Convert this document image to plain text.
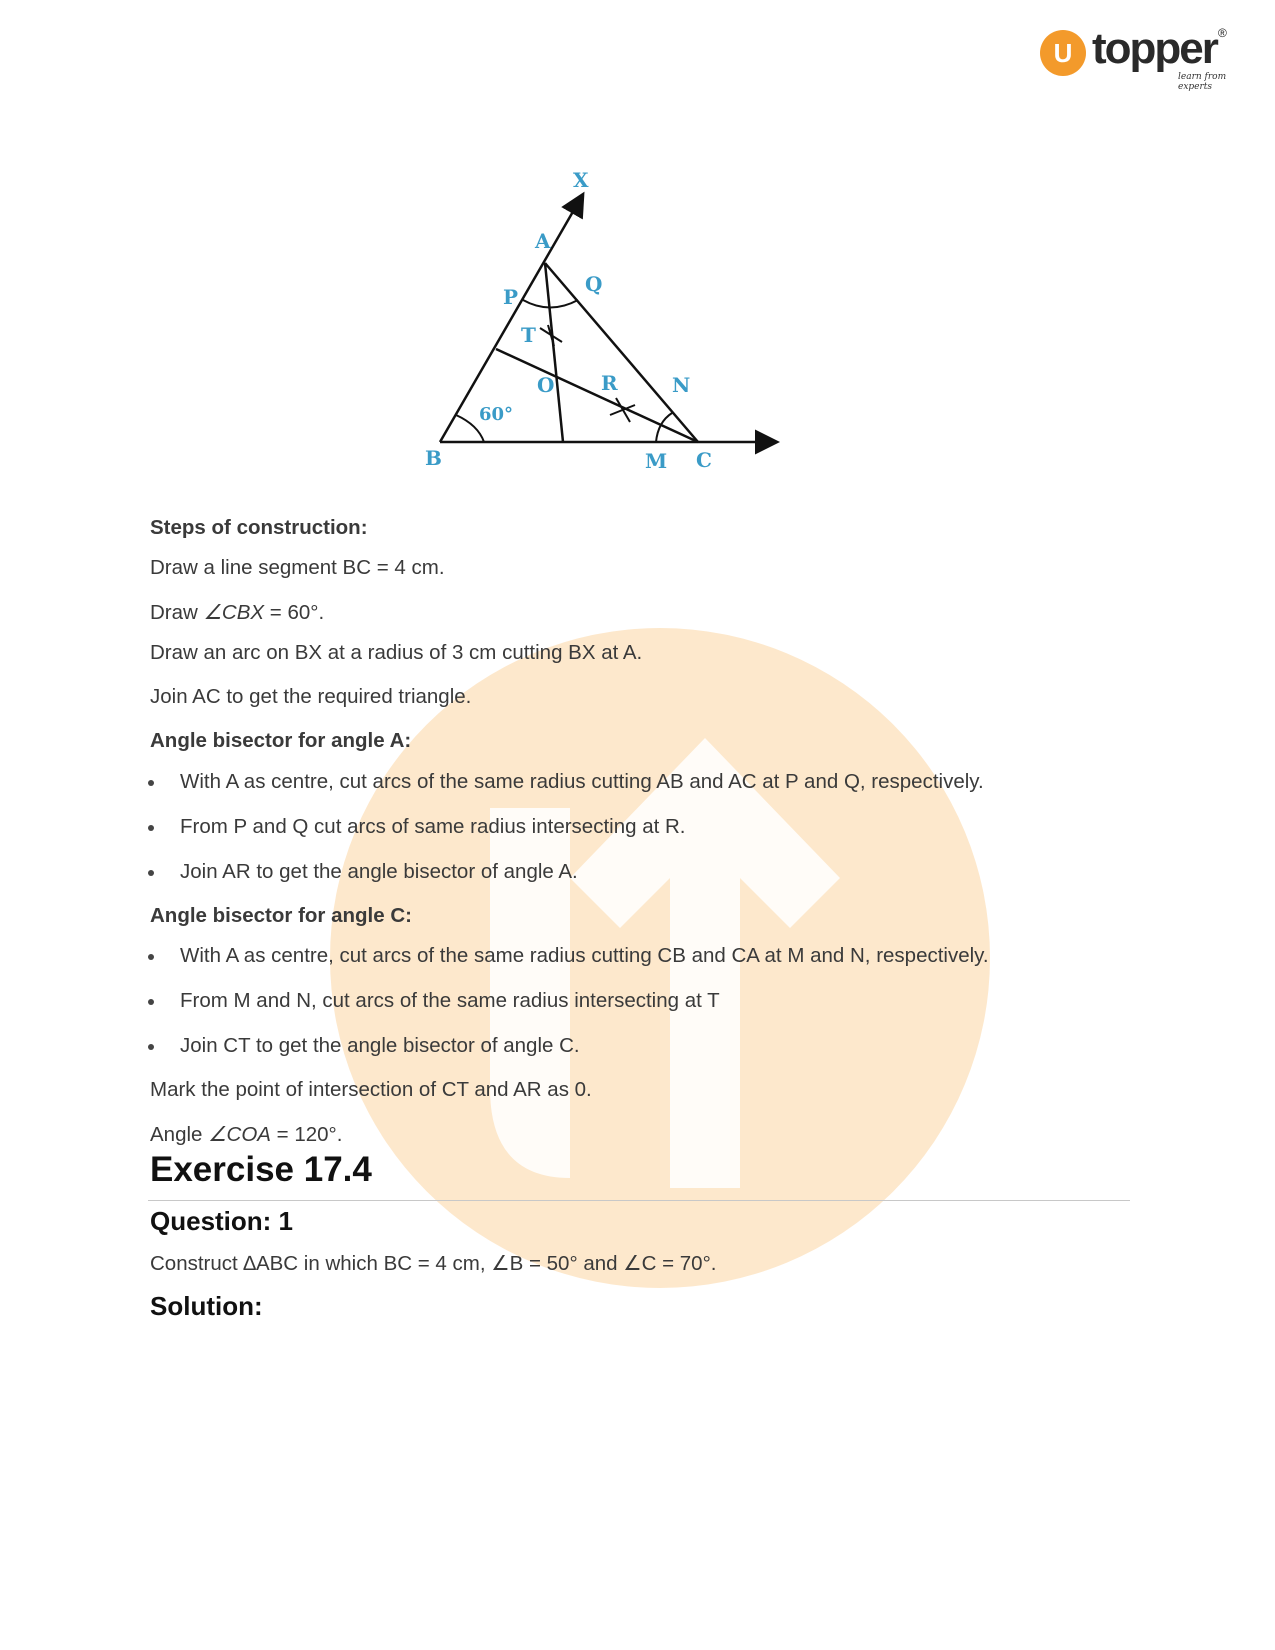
U topper ®
learn from experts
X
A
P
Q
T
O R	N
B	M C
60°
Steps of construction:
Draw a line segment BC = 4 cm.
Draw ∠CBX = 60°.
Draw an arc on BX at a radius of 3 cm cutting BX at A.
Join AC to get the required triangle.
Angle bisector for angle A:
With A as centre, cut arcs of the same radius cutting AB and AC at P and Q, respectively.
From P and Q cut arcs of same radius intersecting at R.
Join AR to get the angle bisector of angle A.
Angle bisector for angle C:
With A as centre, cut arcs of the same radius cutting CB and CA at M and N, respectively.
From M and N, cut arcs of the same radius intersecting at T
Join CT to get the angle bisector of angle C.
Mark the point of intersection of CT and AR as 0.
Angle ∠COA = 120°.
Exercise 17.4
Question: 1
Construct ∆ABC in which BC = 4 cm, ∠B = 50° and ∠C = 70°.
Solution:
